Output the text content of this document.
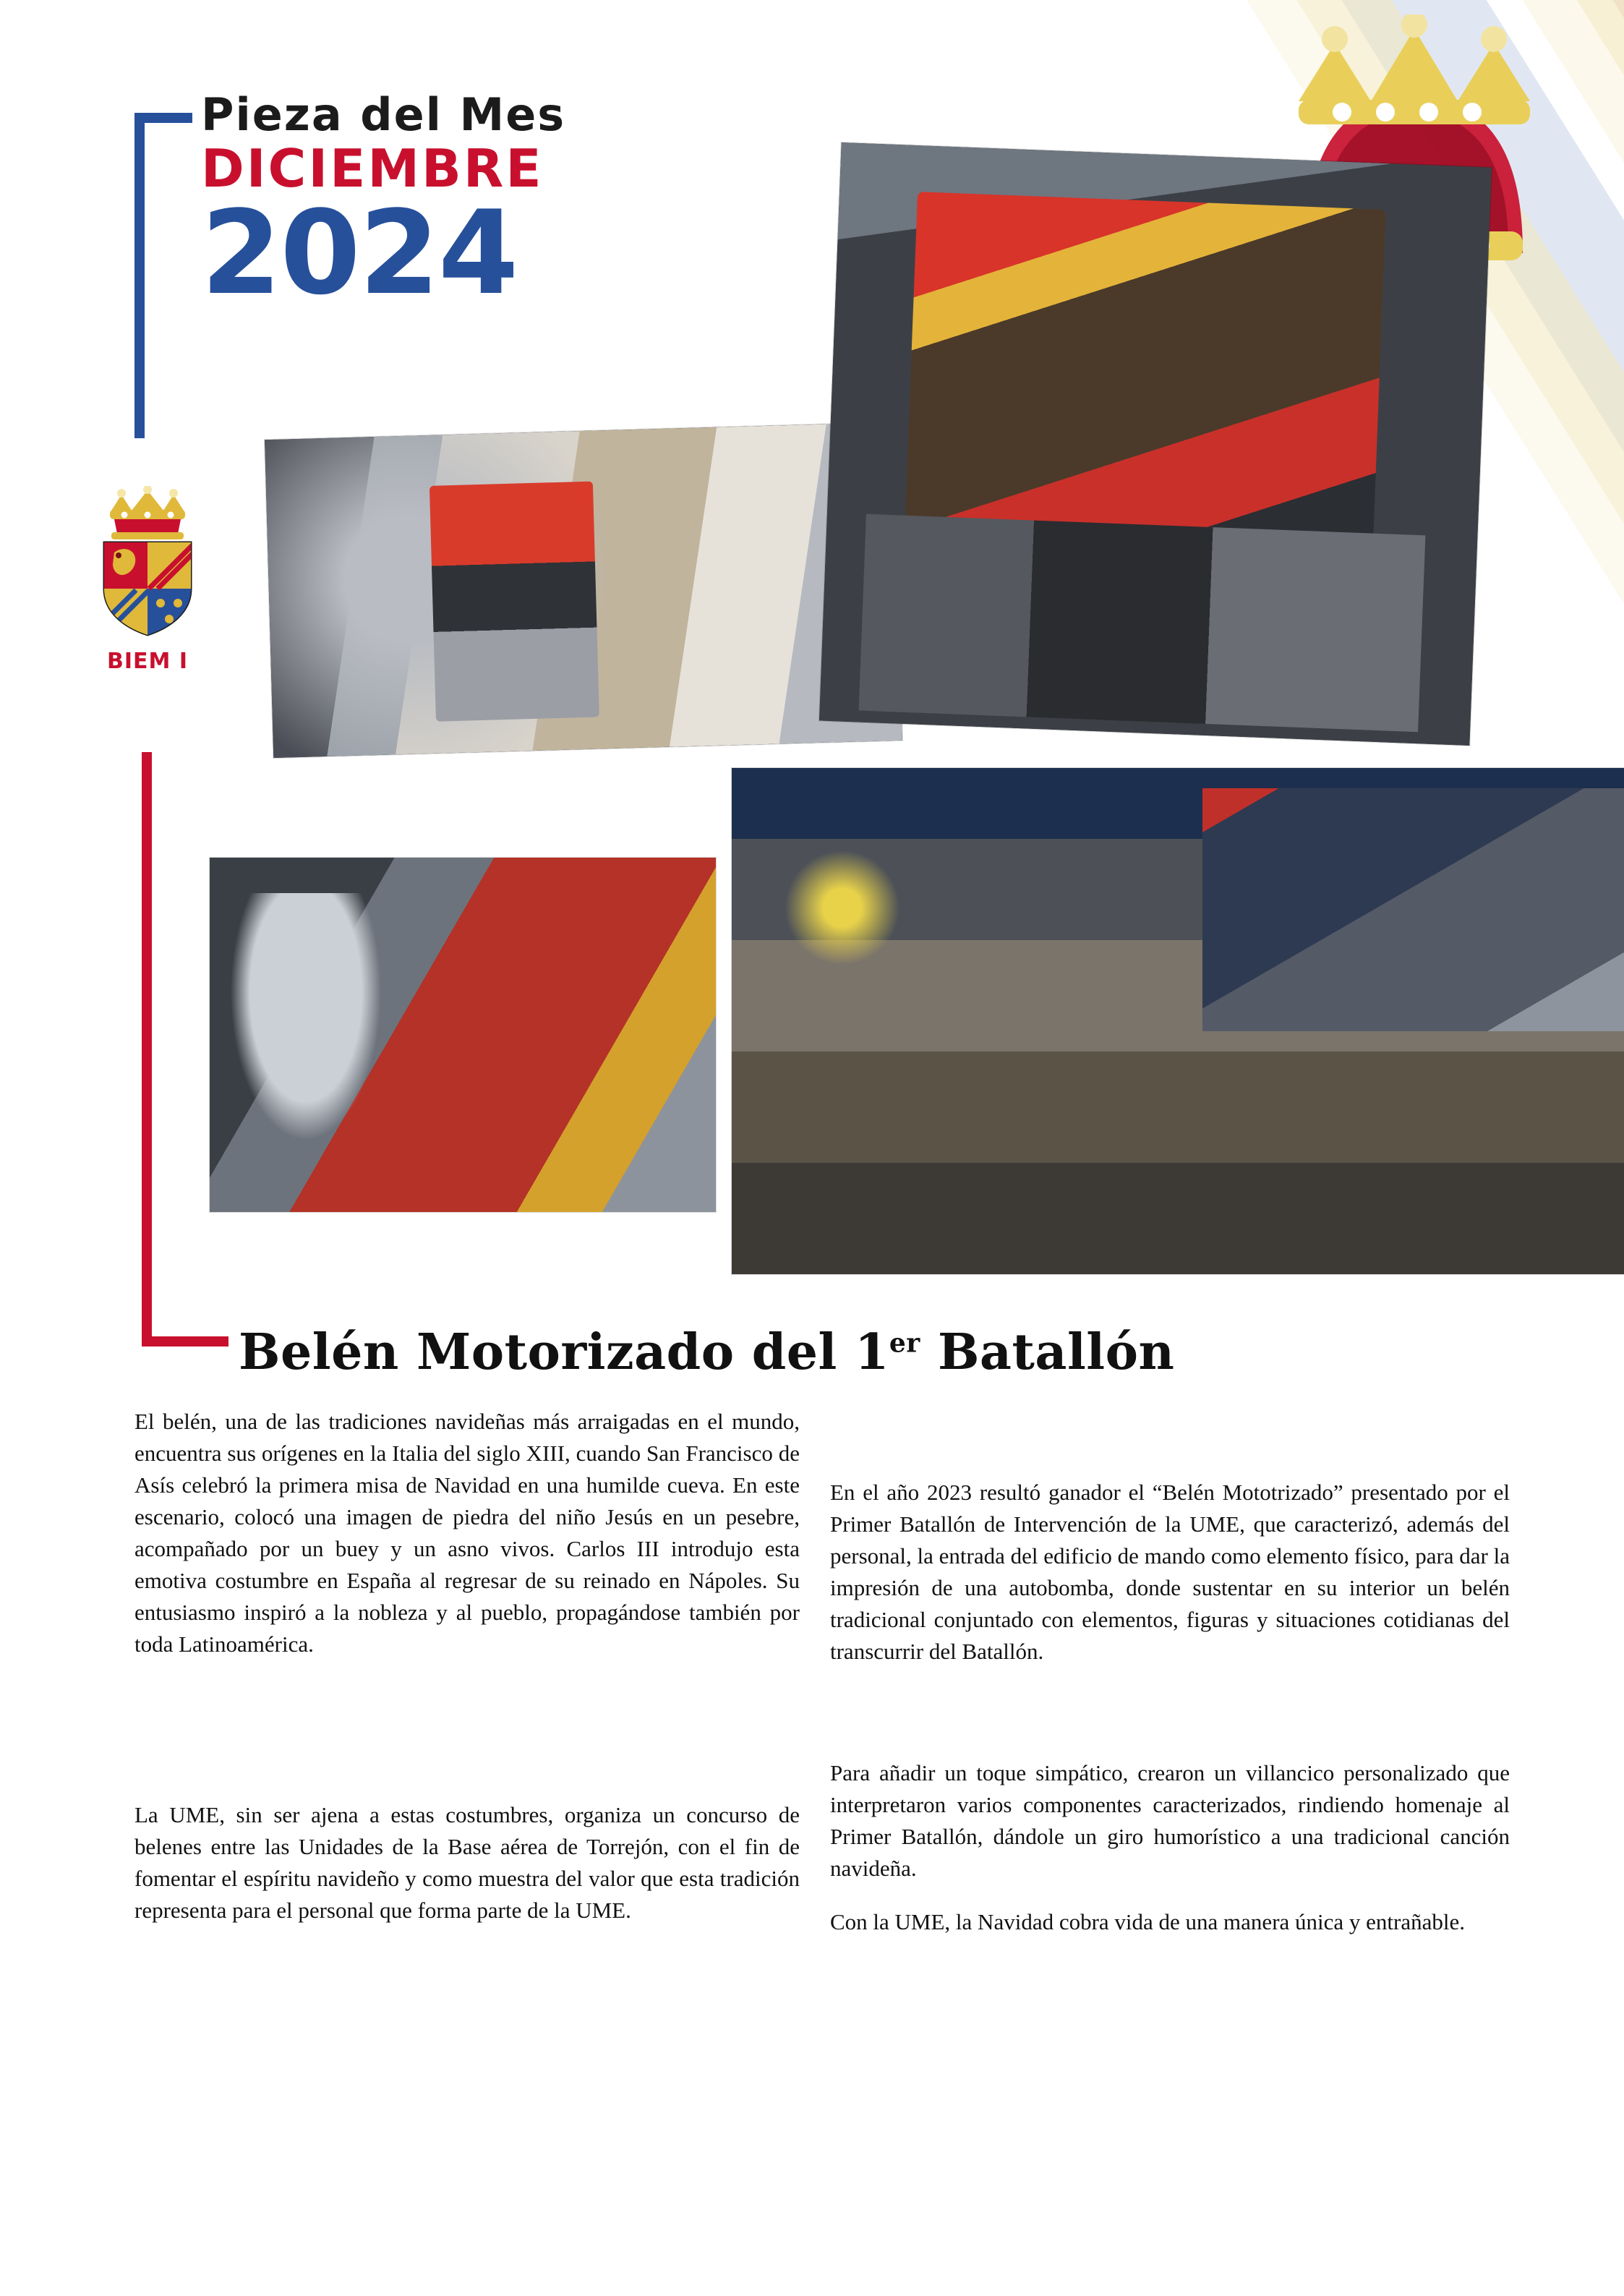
Pieza del Mes
DICIEMBRE
2024
BIEM I
Belén Motorizado del 1er Batallón

El belén, una de las tradiciones navideñas más arraigadas en el mundo, encuentra sus orígenes en la Italia del siglo XIII, cuando San Francisco de Asís celebró la primera misa de Navidad en una humilde cueva. En este escenario, colocó una imagen de piedra del niño Jesús en un pesebre, acompañado por un buey y un asno vivos. Carlos III introdujo esta emotiva costumbre en España al regresar de su reinado en Nápoles. Su entusiasmo inspiró a la nobleza y al pueblo, propagándose también por toda Latinoamérica.

La UME, sin ser ajena a estas costumbres, organiza un concurso de belenes entre las Unidades de la Base aérea de Torrejón, con el fin de fomentar el espíritu navideño y como muestra del valor que esta tradición representa para el personal que forma parte de la UME.

En el año 2023 resultó ganador el “Belén Mototrizado” presentado por el Primer Batallón de Intervención de la UME, que caracterizó, además del personal, la entrada del edificio de mando como elemento físico, para dar la impresión de una autobomba, donde sustentar en su interior un belén tradicional conjuntado con elementos, figuras y situaciones cotidianas del transcurrir del Batallón.

Para añadir un toque simpático, crearon un villancico personalizado que interpretaron varios componentes caracterizados, rindiendo homenaje al Primer Batallón, dándole un giro humorístico a una tradicional canción navideña.

Con la UME, la Navidad cobra vida de una manera única y entrañable.
